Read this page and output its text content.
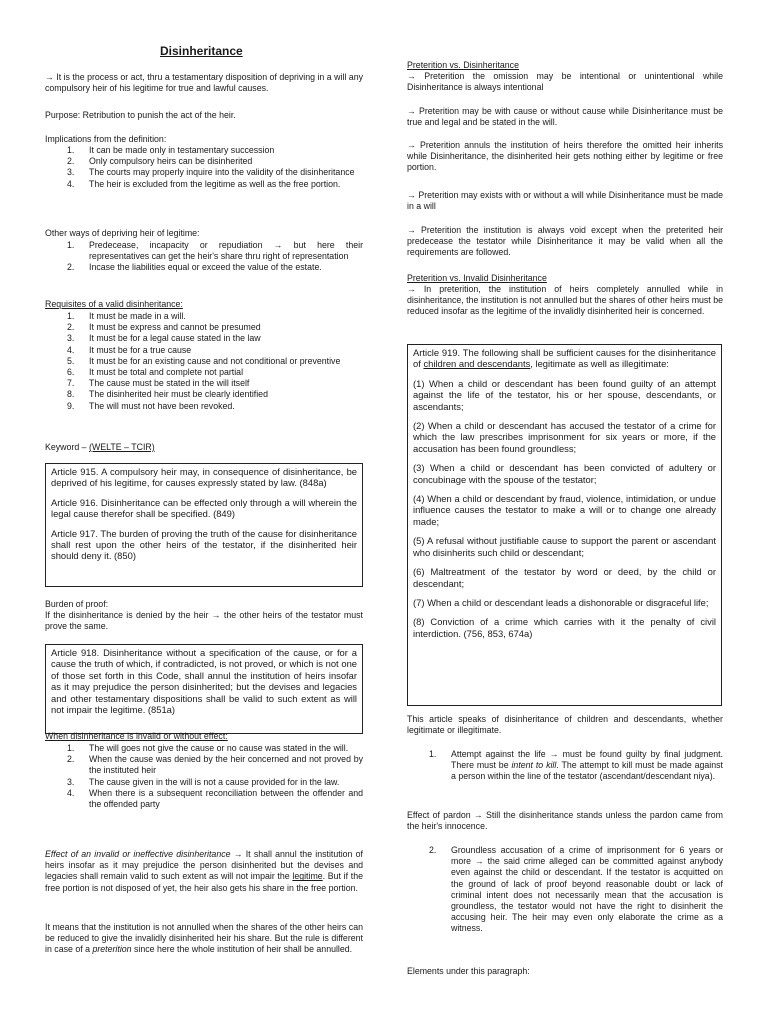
Disinheritance

→ It is the process or act, thru a testamentary disposition of depriving in a will any compulsory heir of his legitime for true and lawful causes.

Purpose: Retribution to punish the act of the heir.

Implications from the definition:

1. It can be made only in testamentary succession
2. Only compulsory heirs can be disinherited
3. The courts may properly inquire into the validity of the disinheritance
4. The heir is excluded from the legitime as well as the free portion.

Other ways of depriving heir of legitime:

1. Predecease, incapacity or repudiation → but here their representatives can get the heir's share thru right of representation
2. Incase the liabilities equal or exceed the value of the estate.

Requisites of a valid disinheritance:

1. It must be made in a will.
2. It must be express and cannot be presumed
3. It must be for a legal cause stated in the law
4. It must be for a true cause
5. It must be for an existing cause and not conditional or preventive
6. It must be total and complete not partial
7. The cause must be stated in the will itself
8. The disinherited heir must be clearly identified
9. The will must not have been revoked.

Keyword – (WELTE – TCIR)

Article 915. A compulsory heir may, in consequence of disinheritance, be deprived of his legitime, for causes expressly stated by law. (848a)

Article 916. Disinheritance can be effected only through a will wherein the legal cause therefor shall be specified. (849)

Article 917. The burden of proving the truth of the cause for disinheritance shall rest upon the other heirs of the testator, if the disinherited heir should deny it. (850)

Burden of proof:

If the disinheritance is denied by the heir → the other heirs of the testator must prove the same.

Article 918. Disinheritance without a specification of the cause, or for a cause the truth of which, if contradicted, is not proved, or which is not one of those set forth in this Code, shall annul the institution of heirs insofar as it may prejudice the person disinherited; but the devises and legacies and other testamentary dispositions shall be valid to such extent as will not impair the legitime. (851a)

When disinheritance is invalid or without effect:

1. The will goes not give the cause or no cause was stated in the will.
2. When the cause was denied by the heir concerned and not proved by the instituted heir
3. The cause given in the will is not a cause provided for in the law.
4. When there is a subsequent reconciliation between the offender and the offended party

Effect of an invalid or ineffective disinheritance → It shall annul the institution of heirs insofar as it may prejudice the person disinherited but the devises and legacies shall remain valid to such extent as will not impair the legitime. But if the free portion is not disposed of yet, the heir also gets his share in the free portion.

It means that the institution is not annulled when the shares of the other heirs can be reduced to give the invalidly disinherited heir his share. But the rule is different in case of a preterition since here the whole institution of heir shall be annulled.

Preterition vs. Disinheritance

→ Preterition the omission may be intentional or unintentional while Disinheritance is always intentional

→ Preterition may be with cause or without cause while Disinheritance must be true and legal and be stated in the will.

→ Preterition annuls the institution of heirs therefore the omitted heir inherits while Disinheritance, the disinherited heir gets nothing either by legitime or free portion.

→ Preterition may exists with or without a will while Disinheritance must be made in a will

→ Preterition the institution is always void except when the preterited heir predecease the testator while Disinheritance it may be valid when all the requirements are followed.

Preterition vs. Invalid Disinheritance

→ In preterition, the institution of heirs completely annulled while in disinheritance, the institution is not annulled but the shares of other heirs must be reduced insofar as the legitime of the invalidly disinherited heir is concerned.

Article 919. The following shall be sufficient causes for the disinheritance of children and descendants, legitimate as well as illegitimate:

(1) When a child or descendant has been found guilty of an attempt against the life of the testator, his or her spouse, descendants, or ascendants;

(2) When a child or descendant has accused the testator of a crime for which the law prescribes imprisonment for six years or more, if the accusation has been found groundless;

(3) When a child or descendant has been convicted of adultery or concubinage with the spouse of the testator;

(4) When a child or descendant by fraud, violence, intimidation, or undue influence causes the testator to make a will or to change one already made;

(5) A refusal without justifiable cause to support the parent or ascendant who disinherits such child or descendant;

(6) Maltreatment of the testator by word or deed, by the child or descendant;

(7) When a child or descendant leads a dishonorable or disgraceful life;

(8) Conviction of a crime which carries with it the penalty of civil interdiction. (756, 853, 674a)

This article speaks of disinheritance of children and descendants, whether legitimate or illegitimate.

1. Attempt against the life → must be found guilty by final judgment. There must be intent to kill. The attempt to kill must be made against a person within the line of the testator (ascendant/descendant niya).

Effect of pardon → Still the disinheritance stands unless the pardon came from the heir's innocence.

2. Groundless accusation of a crime of imprisonment for 6 years or more → the said crime alleged can be committed against anybody even against the child or descendant. If the testator is acquitted on the ground of lack of proof beyond reasonable doubt or lack of criminal intent does not necessarily mean that the accusation is groundless, the testator would not have the right to disinherit the accusing heir. The heir may even only elaborate the crime as a witness.

Elements under this paragraph:
